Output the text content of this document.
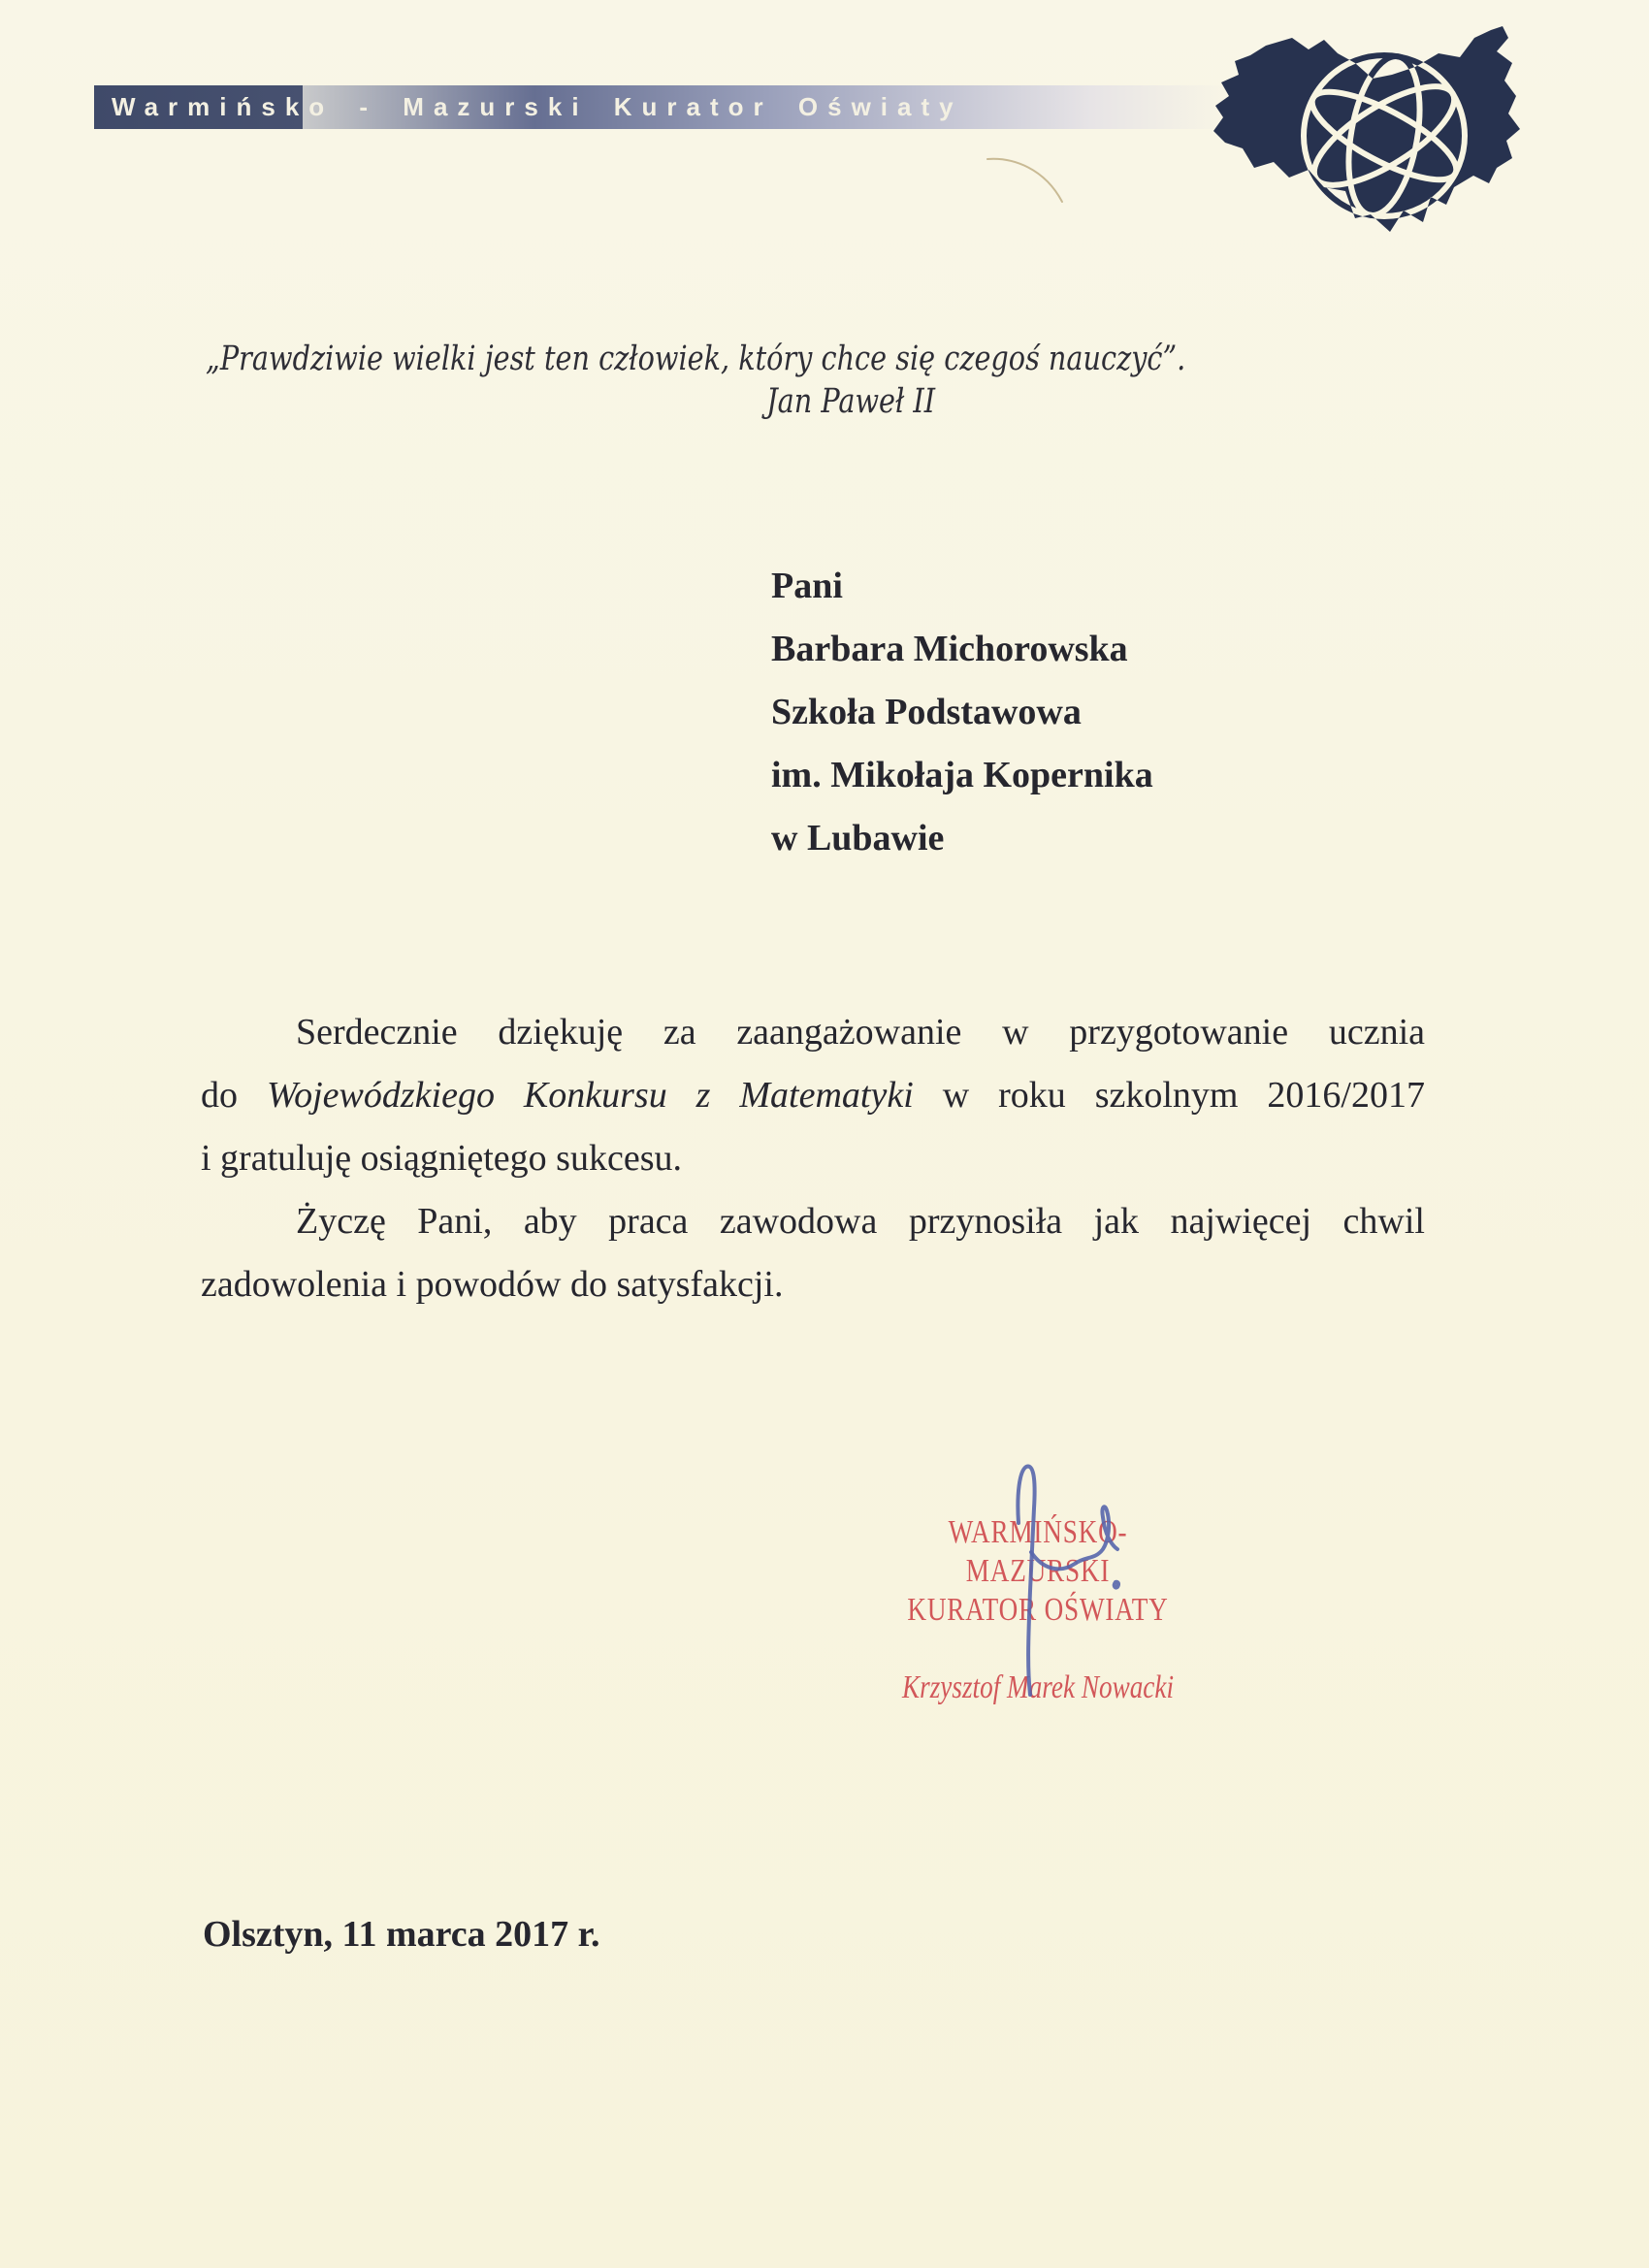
Warmińsko - Mazurski Kurator Oświaty
„Prawdziwie wielki jest ten człowiek, który chce się czegoś nauczyć”.
Jan Paweł II
Pani
Barbara Michorowska
Szkoła Podstawowa
im. Mikołaja Kopernika
w Lubawie
Serdecznie dziękuję za zaangażowanie w przygotowanie ucznia
do Wojewódzkiego Konkursu z Matematyki w roku szkolnym 2016/2017
i gratuluję osiągniętego sukcesu.
Życzę Pani, aby praca zawodowa przynosiła jak najwięcej chwil
zadowolenia i powodów do satysfakcji.
WARMIŃSKO-MAZURSKI
KURATOR OŚWIATY
Krzysztof Marek Nowacki
Olsztyn, 11 marca 2017 r.
